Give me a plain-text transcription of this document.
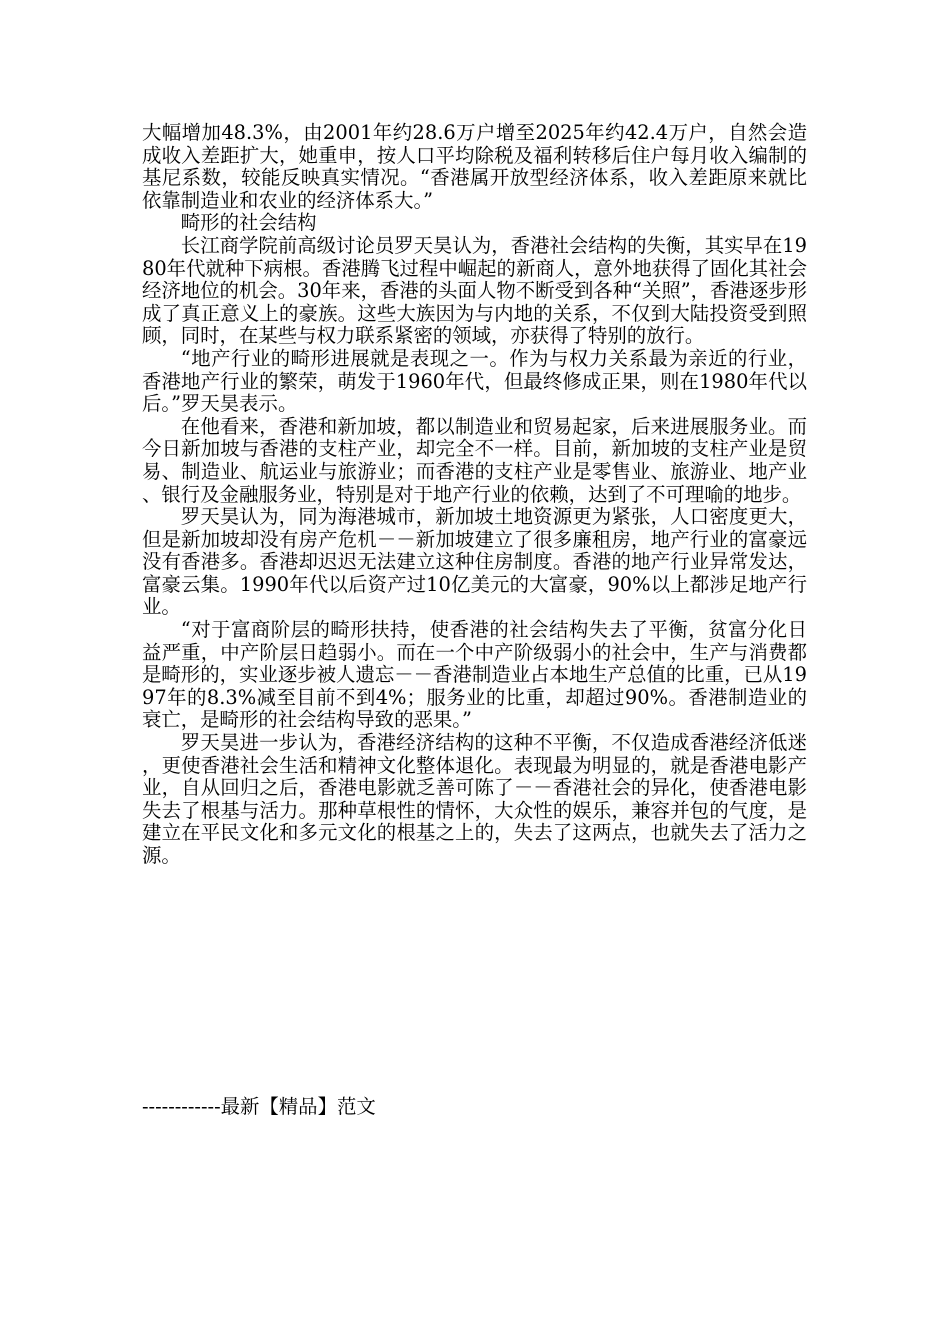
大幅增加48.3%，由2001年约28.6万户增至2025年约42.4万户，自然会造成收入差距扩大，她重申，按人口平均除税及福利转移后住户每月收入编制的基尼系数，较能反映真实情况。“香港属开放型经济体系，收入差距原来就比依靠制造业和农业的经济体系大。”

畸形的社会结构

长江商学院前高级讨论员罗天昊认为，香港社会结构的失衡，其实早在1980年代就种下病根。香港腾飞过程中崛起的新商人，意外地获得了固化其社会经济地位的机会。30年来，香港的头面人物不断受到各种“关照”，香港逐步形成了真正意义上的豪族。这些大族因为与内地的关系，不仅到大陆投资受到照顾，同时，在某些与权力联系紧密的领域，亦获得了特别的放行。

“地产行业的畸形进展就是表现之一。作为与权力关系最为亲近的行业，香港地产行业的繁荣，萌发于1960年代，但最终修成正果，则在1980年代以后。”罗天昊表示。

在他看来，香港和新加坡，都以制造业和贸易起家，后来进展服务业。而今日新加坡与香港的支柱产业，却完全不一样。目前，新加坡的支柱产业是贸易、制造业、航运业与旅游业；而香港的支柱产业是零售业、旅游业、地产业、银行及金融服务业，特别是对于地产行业的依赖，达到了不可理喻的地步。

罗天昊认为，同为海港城市，新加坡土地资源更为紧张，人口密度更大，但是新加坡却没有房产危机－－新加坡建立了很多廉租房，地产行业的富豪远没有香港多。香港却迟迟无法建立这种住房制度。香港的地产行业异常发达，富豪云集。1990年代以后资产过10亿美元的大富豪，90%以上都涉足地产行业。

“对于富商阶层的畸形扶持，使香港的社会结构失去了平衡，贫富分化日益严重，中产阶层日趋弱小。而在一个中产阶级弱小的社会中，生产与消费都是畸形的，实业逐步被人遗忘－－香港制造业占本地生产总值的比重，已从1997年的8.3%减至目前不到4%；服务业的比重，却超过90%。香港制造业的衰亡，是畸形的社会结构导致的恶果。”

罗天昊进一步认为，香港经济结构的这种不平衡，不仅造成香港经济低迷，更使香港社会生活和精神文化整体退化。表现最为明显的，就是香港电影产业，自从回归之后，香港电影就乏善可陈了－－香港社会的异化，使香港电影失去了根基与活力。那种草根性的情怀，大众性的娱乐，兼容并包的气度，是建立在平民文化和多元文化的根基之上的，失去了这两点，也就失去了活力之源。

------------最新【精品】范文
